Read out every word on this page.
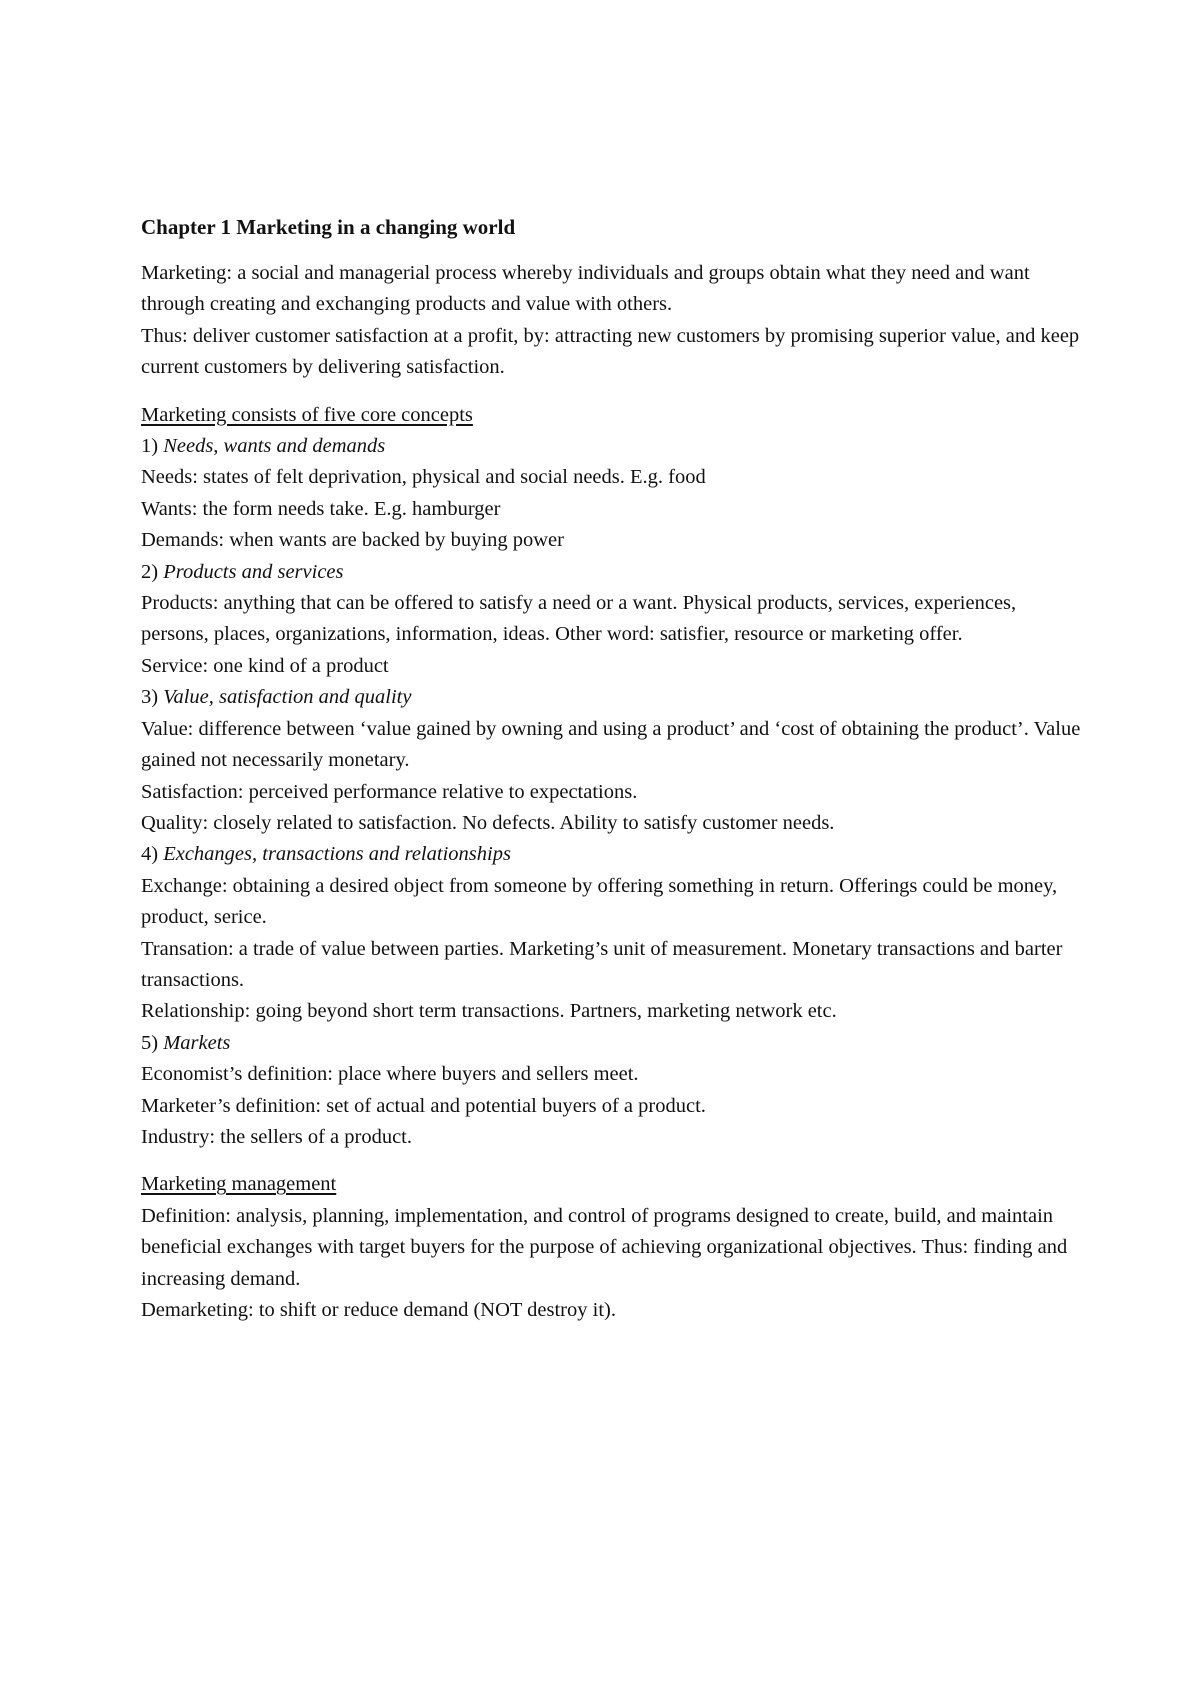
Chapter 1 Marketing in a changing world

Marketing: a social and managerial process whereby individuals and groups obtain what they need and want through creating and exchanging products and value with others.

Thus: deliver customer satisfaction at a profit, by: attracting new customers by promising superior value, and keep current customers by delivering satisfaction.

Marketing consists of five core concepts

1) Needs, wants and demands

Needs: states of felt deprivation, physical and social needs. E.g. food

Wants: the form needs take. E.g. hamburger

Demands: when wants are backed by buying power

2) Products and services

Products: anything that can be offered to satisfy a need or a want. Physical products, services, experiences, persons, places, organizations, information, ideas. Other word: satisfier, resource or marketing offer.

Service: one kind of a product

3) Value, satisfaction and quality

Value: difference between ‘value gained by owning and using a product’ and ‘cost of obtaining the product’. Value gained not necessarily monetary.

Satisfaction: perceived performance relative to expectations.

Quality: closely related to satisfaction. No defects. Ability to satisfy customer needs.

4) Exchanges, transactions and relationships

Exchange: obtaining a desired object from someone by offering something in return. Offerings could be money, product, serice.

Transation: a trade of value between parties. Marketing’s unit of measurement. Monetary transactions and barter transactions.

Relationship: going beyond short term transactions. Partners, marketing network etc.

5) Markets

Economist’s definition: place where buyers and sellers meet.

Marketer’s definition: set of actual and potential buyers of a product.

Industry: the sellers of a product.

Marketing management

Definition: analysis, planning, implementation, and control of programs designed to create, build, and maintain beneficial exchanges with target buyers for the purpose of achieving organizational objectives. Thus: finding and increasing demand.

Demarketing: to shift or reduce demand (NOT destroy it).
